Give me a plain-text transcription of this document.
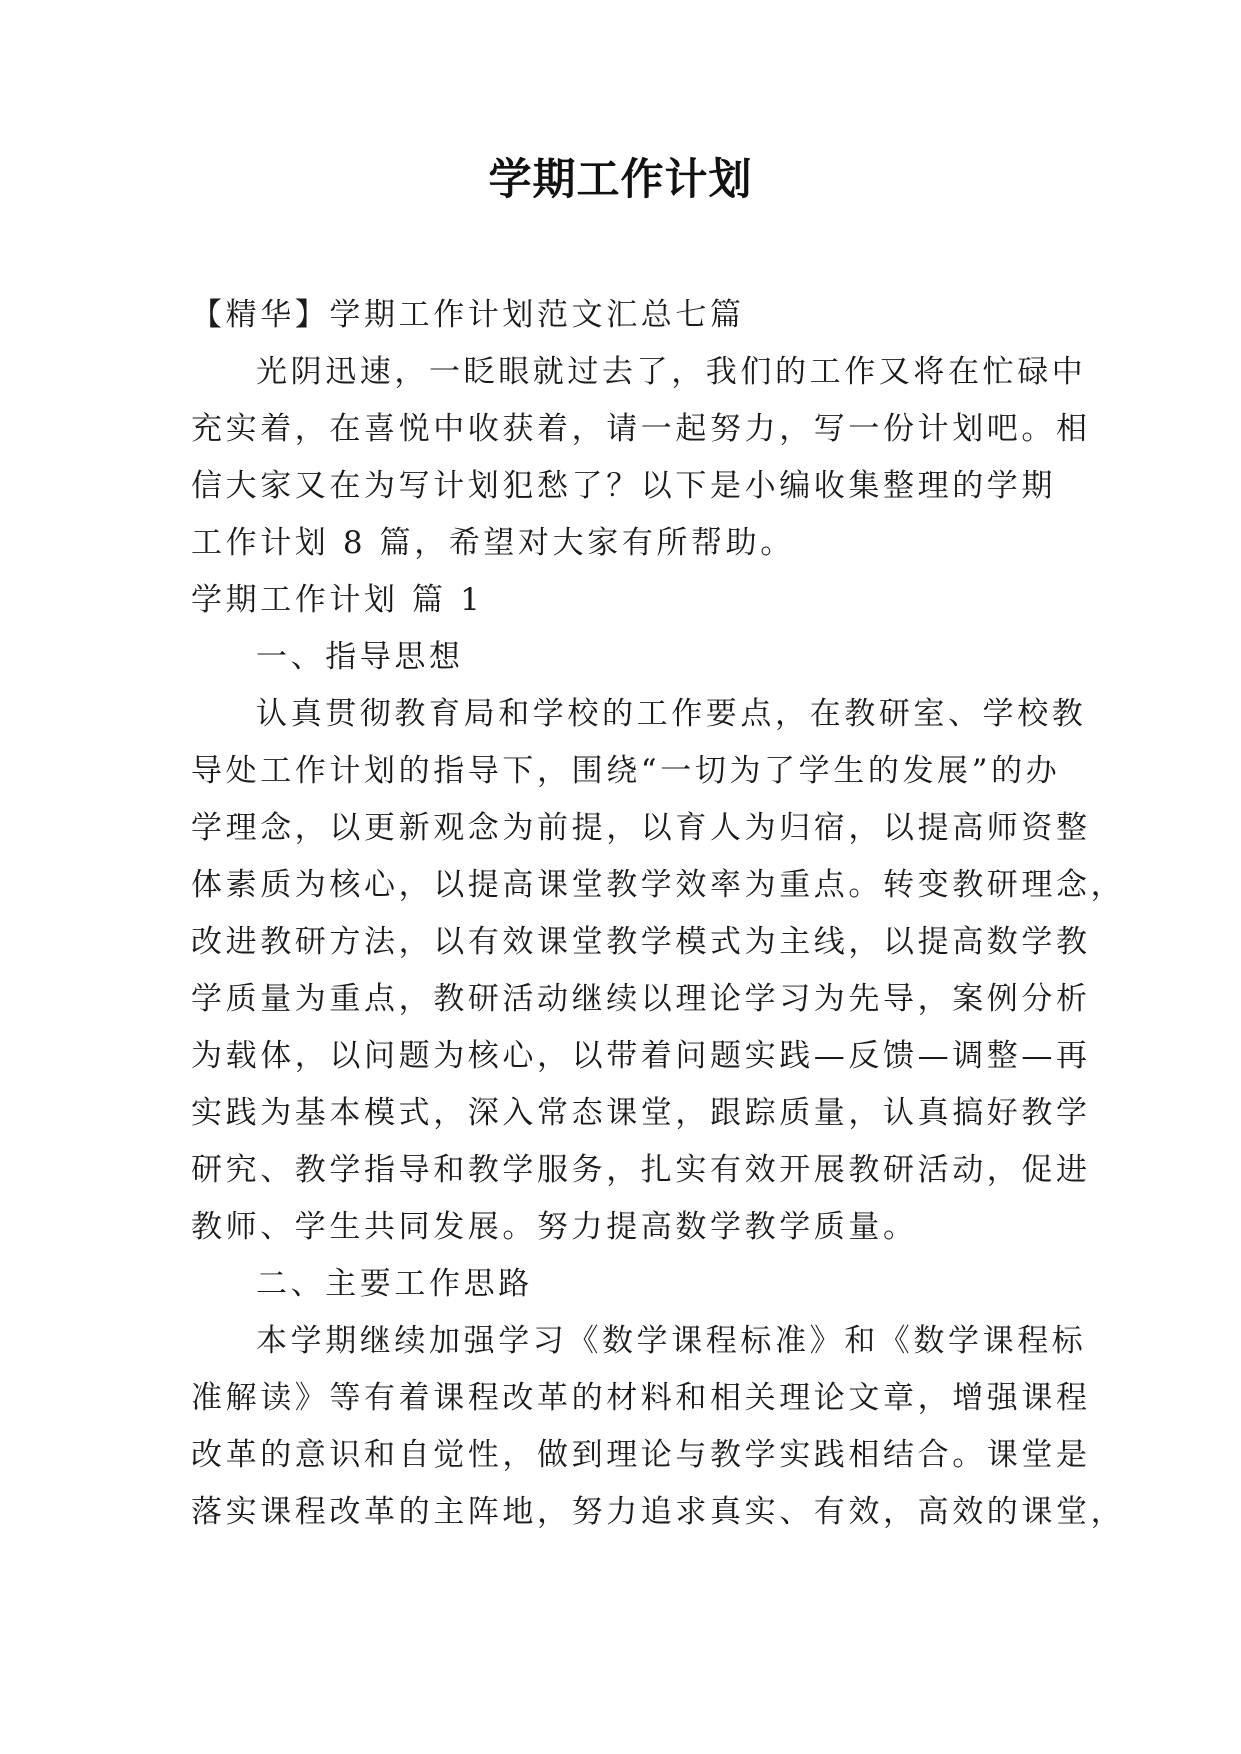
学期工作计划
【精华】学期工作计划范文汇总七篇
光阴迅速，一眨眼就过去了，我们的工作又将在忙碌中
充实着，在喜悦中收获着，请一起努力，写一份计划吧。相
信大家又在为写计划犯愁了？以下是小编收集整理的学期
工作计划 8 篇，希望对大家有所帮助。
学期工作计划 篇 1
一、指导思想
认真贯彻教育局和学校的工作要点，在教研室、学校教
导处工作计划的指导下，围绕“一切为了学生的发展”的办
学理念，以更新观念为前提，以育人为归宿，以提高师资整
体素质为核心，以提高课堂教学效率为重点。转变教研理念，
改进教研方法，以有效课堂教学模式为主线，以提高数学教
学质量为重点，教研活动继续以理论学习为先导，案例分析
为载体，以问题为核心，以带着问题实践—反馈—调整—再
实践为基本模式，深入常态课堂，跟踪质量，认真搞好教学
研究、教学指导和教学服务，扎实有效开展教研活动，促进
教师、学生共同发展。努力提高数学教学质量。
二、主要工作思路
本学期继续加强学习《数学课程标准》和《数学课程标
准解读》等有着课程改革的材料和相关理论文章，增强课程
改革的意识和自觉性，做到理论与教学实践相结合。课堂是
落实课程改革的主阵地，努力追求真实、有效，高效的课堂，
